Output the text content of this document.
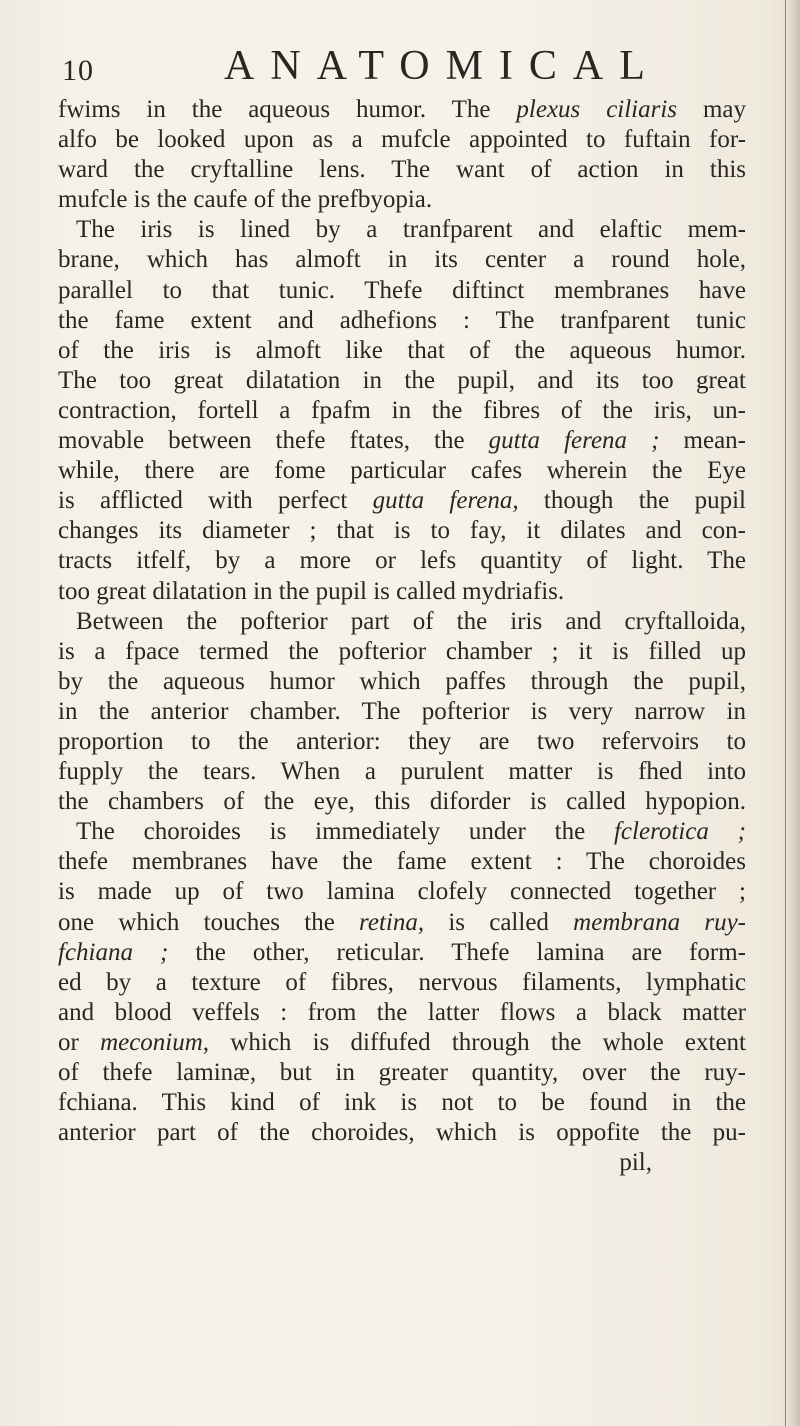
10	ANATOMICAL
fwims in the aqueous humor. The plexus ciliaris may
alfo be looked upon as a mufcle appointed to fuftain for-
ward the cryftalline lens. The want of action in this
mufcle is the caufe of the prefbyopia.
The iris is lined by a tranfparent and elaftic mem-
brane, which has almoft in its center a round hole,
parallel to that tunic. Thefe diftinct membranes have
the fame extent and adhefions : The tranfparent tunic
of the iris is almoft like that of the aqueous humor.
The too great dilatation in the pupil, and its too great
contraction, fortell a fpafm in the fibres of the iris, un-
movable between thefe ftates, the gutta ferena ; mean-
while, there are fome particular cafes wherein the Eye
is afflicted with perfect gutta ferena, though the pupil
changes its diameter ; that is to fay, it dilates and con-
tracts itfelf, by a more or lefs quantity of light. The
too great dilatation in the pupil is called mydriafis.
Between the pofterior part of the iris and cryftalloida,
is a fpace termed the pofterior chamber ; it is filled up
by the aqueous humor which paffes through the pupil,
in the anterior chamber. The pofterior is very narrow in
proportion to the anterior: they are two refervoirs to
fupply the tears. When a purulent matter is fhed into
the chambers of the eye, this diforder is called hypopion.
The choroides is immediately under the fclerotica ;
thefe membranes have the fame extent : The choroides
is made up of two lamina clofely connected together ;
one which touches the retina, is called membrana ruy-
fchiana ; the other, reticular. Thefe lamina are form-
ed by a texture of fibres, nervous filaments, lymphatic
and blood veffels : from the latter flows a black matter
or meconium, which is diffufed through the whole extent
of thefe laminæ, but in greater quantity, over the ruy-
fchiana. This kind of ink is not to be found in the
anterior part of the choroides, which is oppofite the pu-
pil,
